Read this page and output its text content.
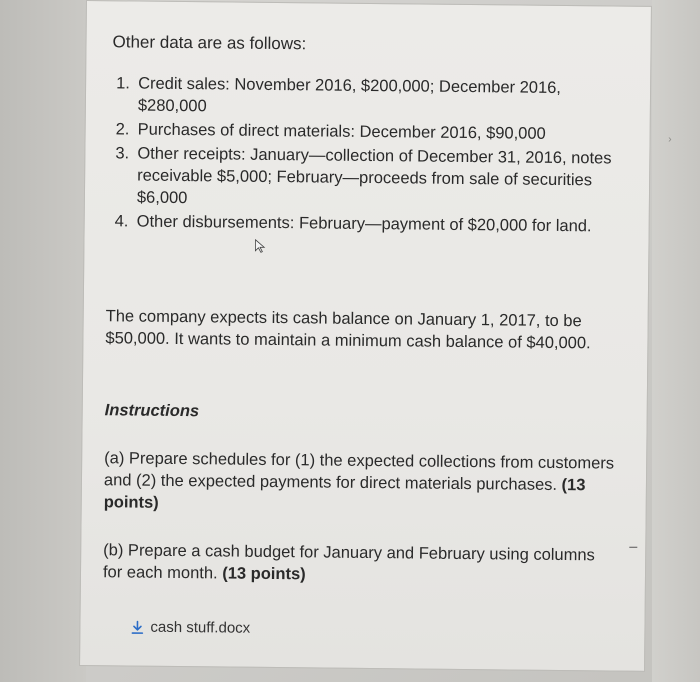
Other data are as follows:
1. Credit sales: November 2016, $200,000; December 2016, $280,000
2. Purchases of direct materials: December 2016, $90,000
3. Other receipts: January—collection of December 31, 2016, notes receivable $5,000; February—proceeds from sale of securities $6,000
4. Other disbursements: February—payment of $20,000 for land.

The company expects its cash balance on January 1, 2017, to be $50,000. It wants to maintain a minimum cash balance of $40,000.

Instructions

(a) Prepare schedules for (1) the expected collections from customers and (2) the expected payments for direct materials purchases. (13 points)

(b) Prepare a cash budget for January and February using columns for each month. (13 points)

cash stuff.docx
›
